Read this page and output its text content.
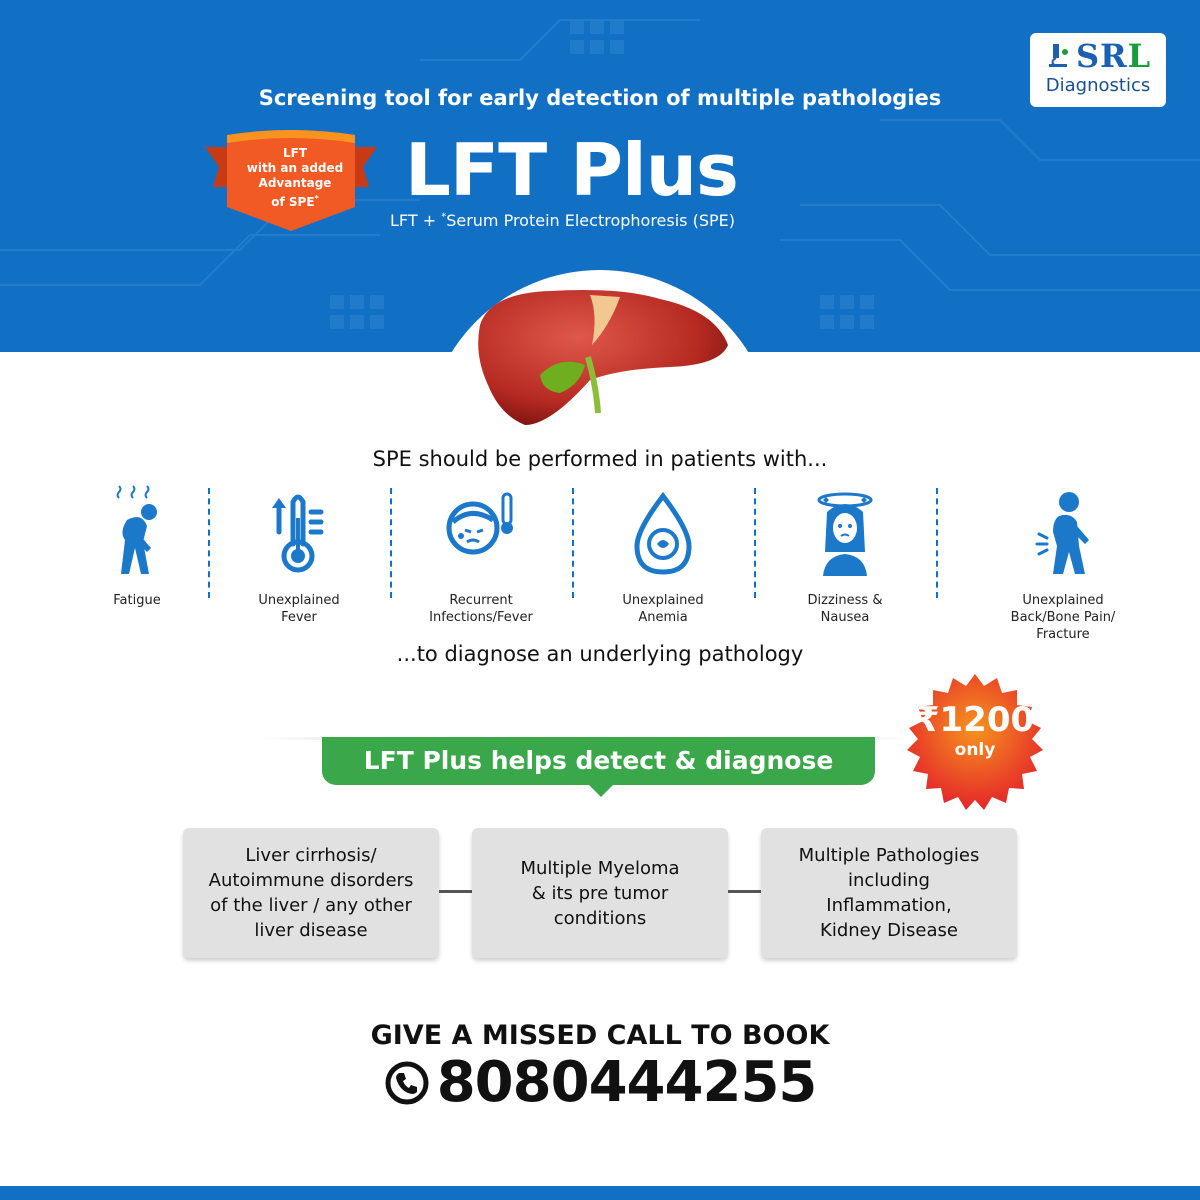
SRL
Diagnostics
Screening tool for early detection of multiple pathologies
LFT
with an added
Advantage
of SPE*	LFT Plus
LFT + *Serum Protein Electrophoresis (SPE)
SPE should be performed in patients with...
Fatigue	Unexplained
Fever
Recurrent
Infections/Fever
Unexplained
Anemia
Dizziness &
Nausea
Unexplained
Back/Bone Pain/
Fracture
...to diagnose an underlying pathology
LFT Plus helps detect & diagnose
₹1200
only
Liver cirrhosis/
Autoimmune disorders
of the liver / any other
liver disease
Multiple Myeloma
& its pre tumor
conditions
Multiple Pathologies
including
Inflammation,
Kidney Disease
GIVE A MISSED CALL TO BOOK
8080444255
